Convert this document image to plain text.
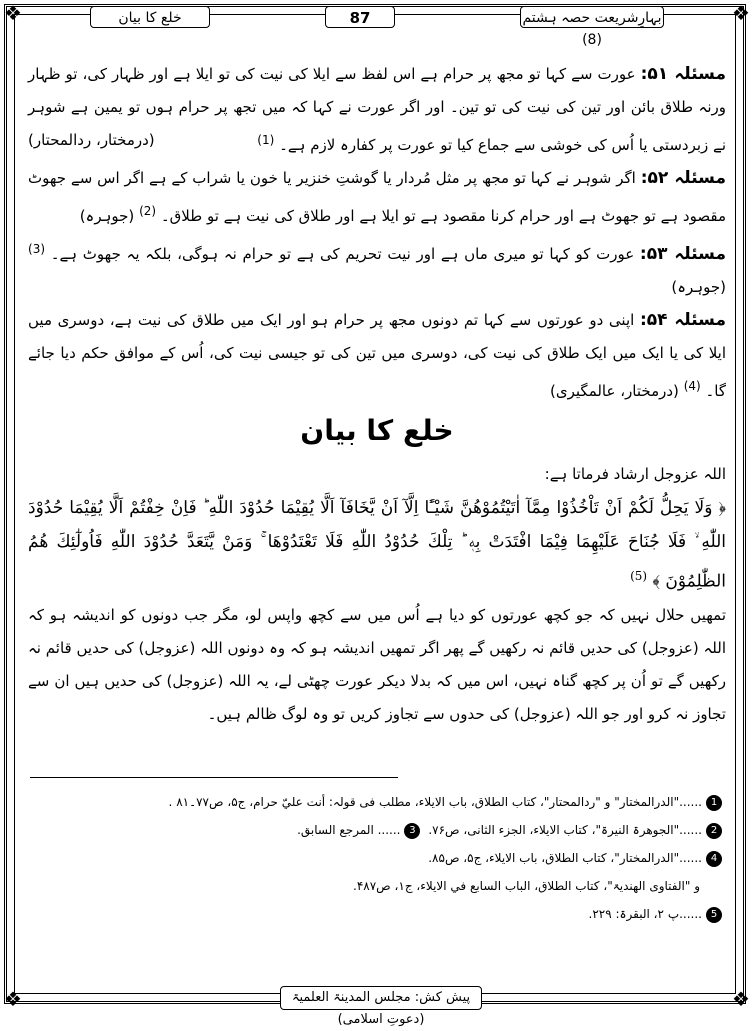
❖	❖
❖	❖
خلع کا بیان	87	بہارِشریعت حصہ ہشتم (8)

مسئلہ ۵۱: عورت سے کہا تو مجھ پر حرام ہے اس لفظ سے ایلا کی نیت کی تو ایلا ہے اور ظہار کی، تو ظہار ورنہ طلاق بائن اور تین کی نیت کی تو تین۔ اور اگر عورت نے کہا کہ میں تجھ پر حرام ہوں تو یمین ہے شوہر نے زبردستی یا اُس کی خوشی سے جماع کیا تو عورت پر کفارہ لازم ہے۔ $^{(1)}$
(درمختار، ردالمحتار)

مسئلہ ۵۲: اگر شوہر نے کہا تو مجھ پر مثل مُردار یا گوشتِ خنزیر یا خون یا شراب کے ہے اگر اس سے جھوٹ مقصود ہے تو جھوٹ ہے اور حرام کرنا مقصود ہے تو ایلا ہے اور طلاق کی نیت ہے تو طلاق۔ $^{(2)}$ (جوہرہ)

مسئلہ ۵۳: عورت کو کہا تو میری ماں ہے اور نیت تحریم کی ہے تو حرام نہ ہوگی، بلکہ یہ جھوٹ ہے۔ $^{(3)}$ (جوہرہ)

مسئلہ ۵۴: اپنی دو عورتوں سے کہا تم دونوں مجھ پر حرام ہو اور ایک میں طلاق کی نیت ہے، دوسری میں ایلا کی یا ایک میں ایک طلاق کی نیت کی، دوسری میں تین کی تو جیسی نیت کی، اُس کے موافق حکم دیا جائے گا۔ $^{(4)}$ (درمختار، عالمگیری)

خلع کا بیان

اللہ عزوجل ارشاد فرماتا ہے:

﴿ وَلَا يَحِلُّ لَكُمْ اَنْ تَاْخُذُوْا مِمَّآ اٰتَيْتُمُوْهُنَّ شَيْـًٔا اِلَّآ اَنْ يَّخَافَآ اَلَّا يُقِيْمَا حُدُوْدَ اللّٰهِ ؕ فَاِنْ خِفْتُمْ اَلَّا يُقِيْمَا حُدُوْدَ اللّٰهِ ۙ فَلَا جُنَاحَ عَلَيْهِمَا فِيْمَا افْتَدَتْ بِهٖ ؕ تِلْكَ حُدُوْدُ اللّٰهِ فَلَا تَعْتَدُوْهَا ۚ وَمَنْ يَّتَعَدَّ حُدُوْدَ اللّٰهِ فَاُولٰٓئِكَ هُمُ الظّٰلِمُوْنَ ﴾ $^{(5)}$

تمھیں حلال نہیں کہ جو کچھ عورتوں کو دیا ہے اُس میں سے کچھ واپس لو، مگر جب دونوں کو اندیشہ ہو کہ اللہ (عزوجل) کی حدیں قائم نہ رکھیں گے پھر اگر تمھیں اندیشہ ہو کہ وہ دونوں اللہ (عزوجل) کی حدیں قائم نہ رکھیں گے تو اُن پر کچھ گناہ نہیں، اس میں کہ بدلا دیکر عورت چھٹی لے، یہ اللہ (عزوجل) کی حدیں ہیں ان سے تجاوز نہ کرو اور جو اللہ (عزوجل) کی حدوں سے تجاوز کریں تو وہ لوگ ظالم ہیں۔

1......"الدرالمختار" و "ردالمحتار"، کتاب الطلاق، باب الایلاء، مطلب فی قولہ: أنت عليّ حرام، ج۵، ص۷۷۔۸۱ .
2......"الجوھرۃ النیرۃ"، کتاب الایلاء، الجزء الثانی، ص۷۶. 3...... المرجع السابق.
4......"الدرالمختار"، کتاب الطلاق، باب الایلاء، ج۵، ص۸۵.
و "الفتاوی الھندیۃ"، کتاب الطلاق، الباب السابع في الایلاء، ج۱، ص۴۸۷.
5......پ ۲، البقرۃ: ۲۲۹.
پیش کش: مجلس المدینۃ العلمیۃ (دعوتِ اسلامی)
